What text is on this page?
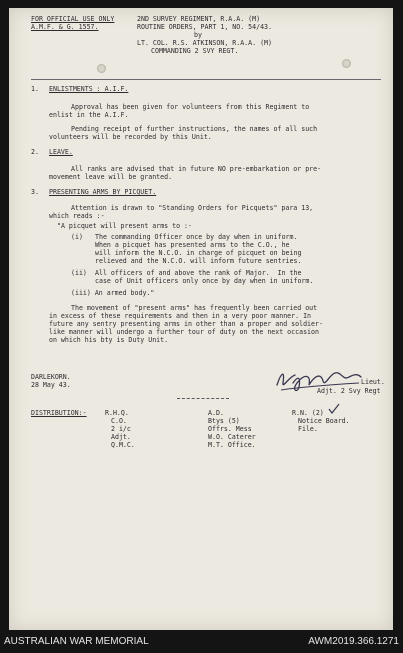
FOR OFFICIAL USE ONLY
A.M.F. & G. 1557.
2ND SURVEY REGIMENT, R.A.A. (M)
ROUTINE ORDERS, PART 1, NO. 54/43.
by
LT. COL. R.S. ATKINSON, R.A.A. (M)
COMMANDING 2 SVY REGT.
1. ENLISTMENTS : A.I.F.
Approval has been given for volunteers from this Regiment to
enlist in the A.I.F.
Pending receipt of further instructions, the names of all such
volunteers will be recorded by this Unit.
2. LEAVE.
All ranks are advised that in future NO pre-embarkation or pre-
movement leave will be granted.
3. PRESENTING ARMS BY PICQUET.
Attention is drawn to "Standing Orders for Picquets" para 13,
which reads :-
"A picquet will present arms to :-
(i) The commanding Officer once by day when in uniform.
When a picquet has presented arms to the C.O., he
will inform the N.C.O. in charge of picquet on being
relieved and the N.C.O. will inform future sentries.
(ii) All officers of and above the rank of Major.  In the
case of Unit officers only once by day when in uniform.
(iii) An armed body."
The movement of "present arms" has frequently been carried out
in excess of these requirements and then in a very poor manner. In
future any sentry presenting arms in other than a proper and soldier-
like manner will undergo a further tour of duty on the next occasion
on which his bty is Duty Unit.
DARLEKORN.
28 May 43.	Lieut.
Adjt. 2 Svy Regt
DISTRIBUTION:-	R.H.Q.
C.O.
2 i/c
Adjt.
Q.M.C.
A.D.
Btys (5)
Offrs. Mess
W.O. Caterer
M.T. Office.
R.N. (2)
Notice Board.
File.
AUSTRALIAN WAR MEMORIAL	AWM2019.366.1271
